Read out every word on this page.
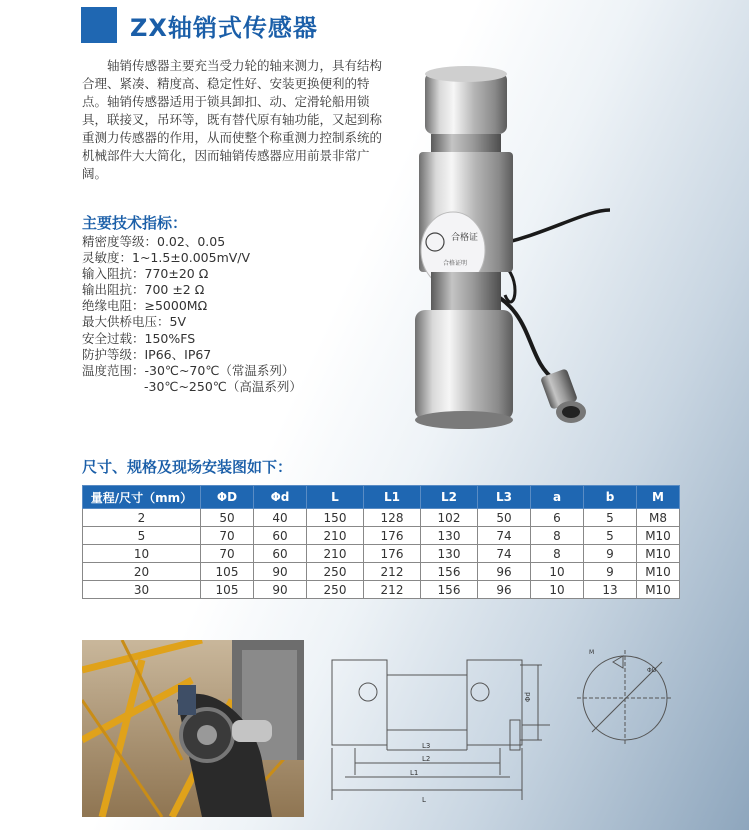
ZX轴销式传感器

轴销传感器主要充当受力轮的轴来测力，具有结构合理、紧凑、精度高、稳定性好、安装更换便利的特点。轴销传感器适用于锁具卸扣、动、定滑轮船用锁具，联接叉，吊环等，既有替代原有轴功能，又起到称重测力传感器的作用，从而使整个称重测力控制系统的机械部件大大简化，因而轴销传感器应用前景非常广阔。

主要技术指标：
精密度等级：0.02、0.05
灵敏度：1~1.5±0.005mV/V
输入阻抗：770±20 Ω
输出阻抗：700 ±2 Ω
绝缘电阻：≥5000MΩ
最大供桥电压：5V
安全过载：150%FS
防护等级：IP66、IP67
温度范围：-30℃~70℃（常温系列）
-30℃~250℃（高温系列）
合格证
合格证明
尺寸、规格及现场安装图如下：
量程/尺寸（mm）	ΦD	Φd	L	L1	L2	L3	a	b	M
2	50	40	150	128	102	50	6	5	M8
5	70	60	210	176	130	74	8	5	M10
10	70	60	210	176	130	74	8	9	M10
20	105	90	250	212	156	96	10	9	M10
30	105	90	250	212	156	96	10	13	M10
Φd
L3
L2
L1
L
M
ΦD
